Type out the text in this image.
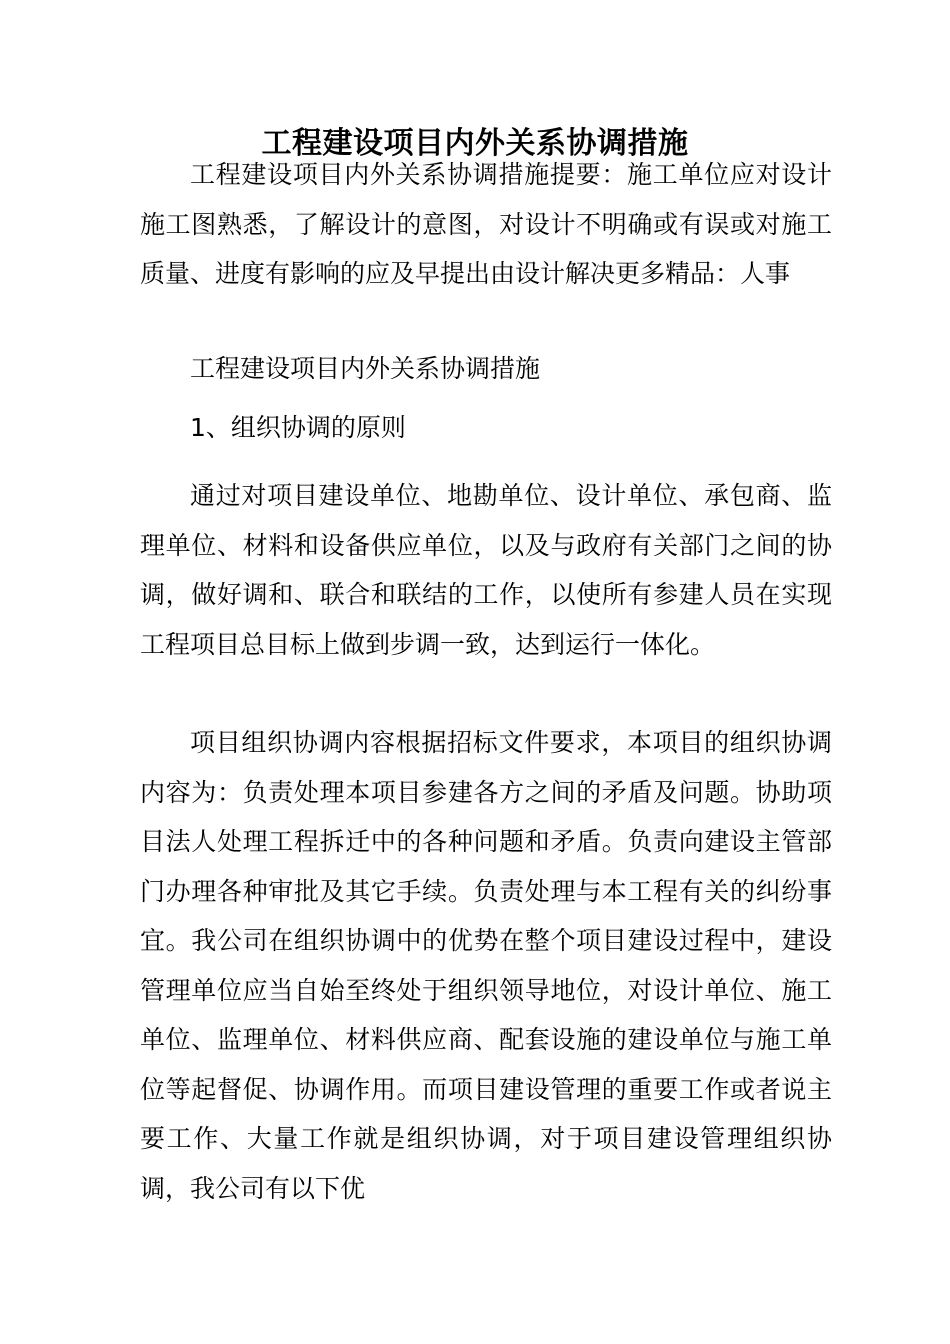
工程建设项目内外关系协调措施

工程建设项目内外关系协调措施提要：施工单位应对设计施工图熟悉，了解设计的意图，对设计不明确或有误或对施工质量、进度有影响的应及早提出由设计解决更多精品：人事

工程建设项目内外关系协调措施

1、组织协调的原则

通过对项目建设单位、地勘单位、设计单位、承包商、监理单位、材料和设备供应单位，以及与政府有关部门之间的协调，做好调和、联合和联结的工作，以使所有参建人员在实现工程项目总目标上做到步调一致，达到运行一体化。

项目组织协调内容根据招标文件要求，本项目的组织协调内容为：负责处理本项目参建各方之间的矛盾及问题。协助项目法人处理工程拆迁中的各种问题和矛盾。负责向建设主管部门办理各种审批及其它手续。负责处理与本工程有关的纠纷事宜。我公司在组织协调中的优势在整个项目建设过程中，建设管理单位应当自始至终处于组织领导地位，对设计单位、施工单位、监理单位、材料供应商、配套设施的建设单位与施工单位等起督促、协调作用。而项目建设管理的重要工作或者说主要工作、大量工作就是组织协调，对于项目建设管理组织协调，我公司有以下优
